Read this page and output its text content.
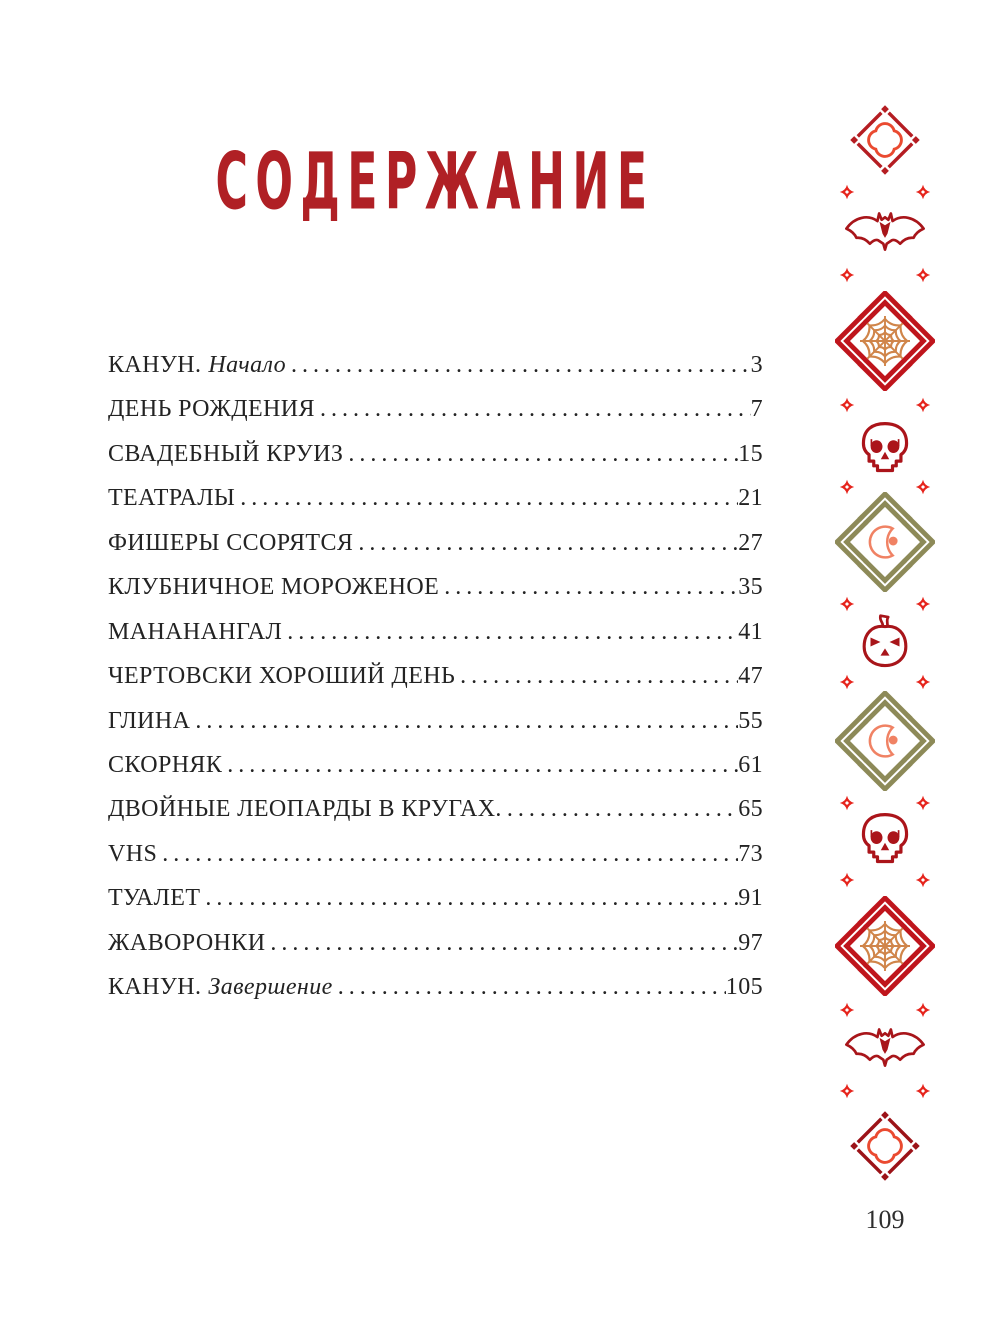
СОДЕРЖАНИЕ
КАНУН. Начало .....	3
ДЕНЬ РОЖДЕНИЯ .....	7
СВАДЕБНЫЙ КРУИЗ .....	15
ТЕАТРАЛЫ .....	21
ФИШЕРЫ ССОРЯТСЯ .....	27
КЛУБНИЧНОЕ МОРОЖЕНОЕ .....	35
МАНАНАНГАЛ .....	41
ЧЕРТОВСКИ ХОРОШИЙ ДЕНЬ .....	47
ГЛИНА .....	55
СКОРНЯК .....	61
ДВОЙНЫЕ ЛЕОПАРДЫ В КРУГАХ. .....	65
VHS .....	73
ТУАЛЕТ .....	91
ЖАВОРОНКИ .....	97
КАНУН. Завершение .....	105
109
